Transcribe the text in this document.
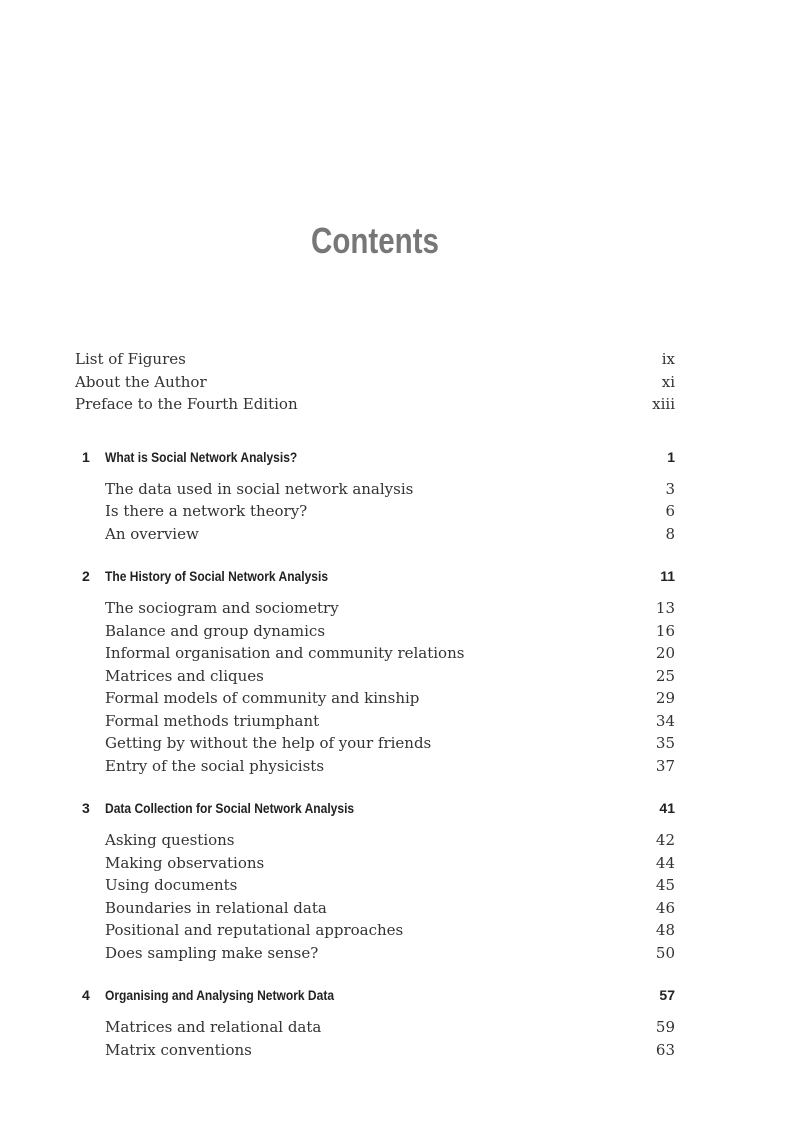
Contents
List of Figures	ix
About the Author	xi
Preface to the Fourth Edition	xiii
1	What is Social Network Analysis?	1
The data used in social network analysis	3
Is there a network theory?	6
An overview	8
2	The History of Social Network Analysis	11
The sociogram and sociometry	13
Balance and group dynamics	16
Informal organisation and community relations	20
Matrices and cliques	25
Formal models of community and kinship	29
Formal methods triumphant	34
Getting by without the help of your friends	35
Entry of the social physicists	37
3	Data Collection for Social Network Analysis	41
Asking questions	42
Making observations	44
Using documents	45
Boundaries in relational data	46
Positional and reputational approaches	48
Does sampling make sense?	50
4	Organising and Analysing Network Data	57
Matrices and relational data	59
Matrix conventions	63
